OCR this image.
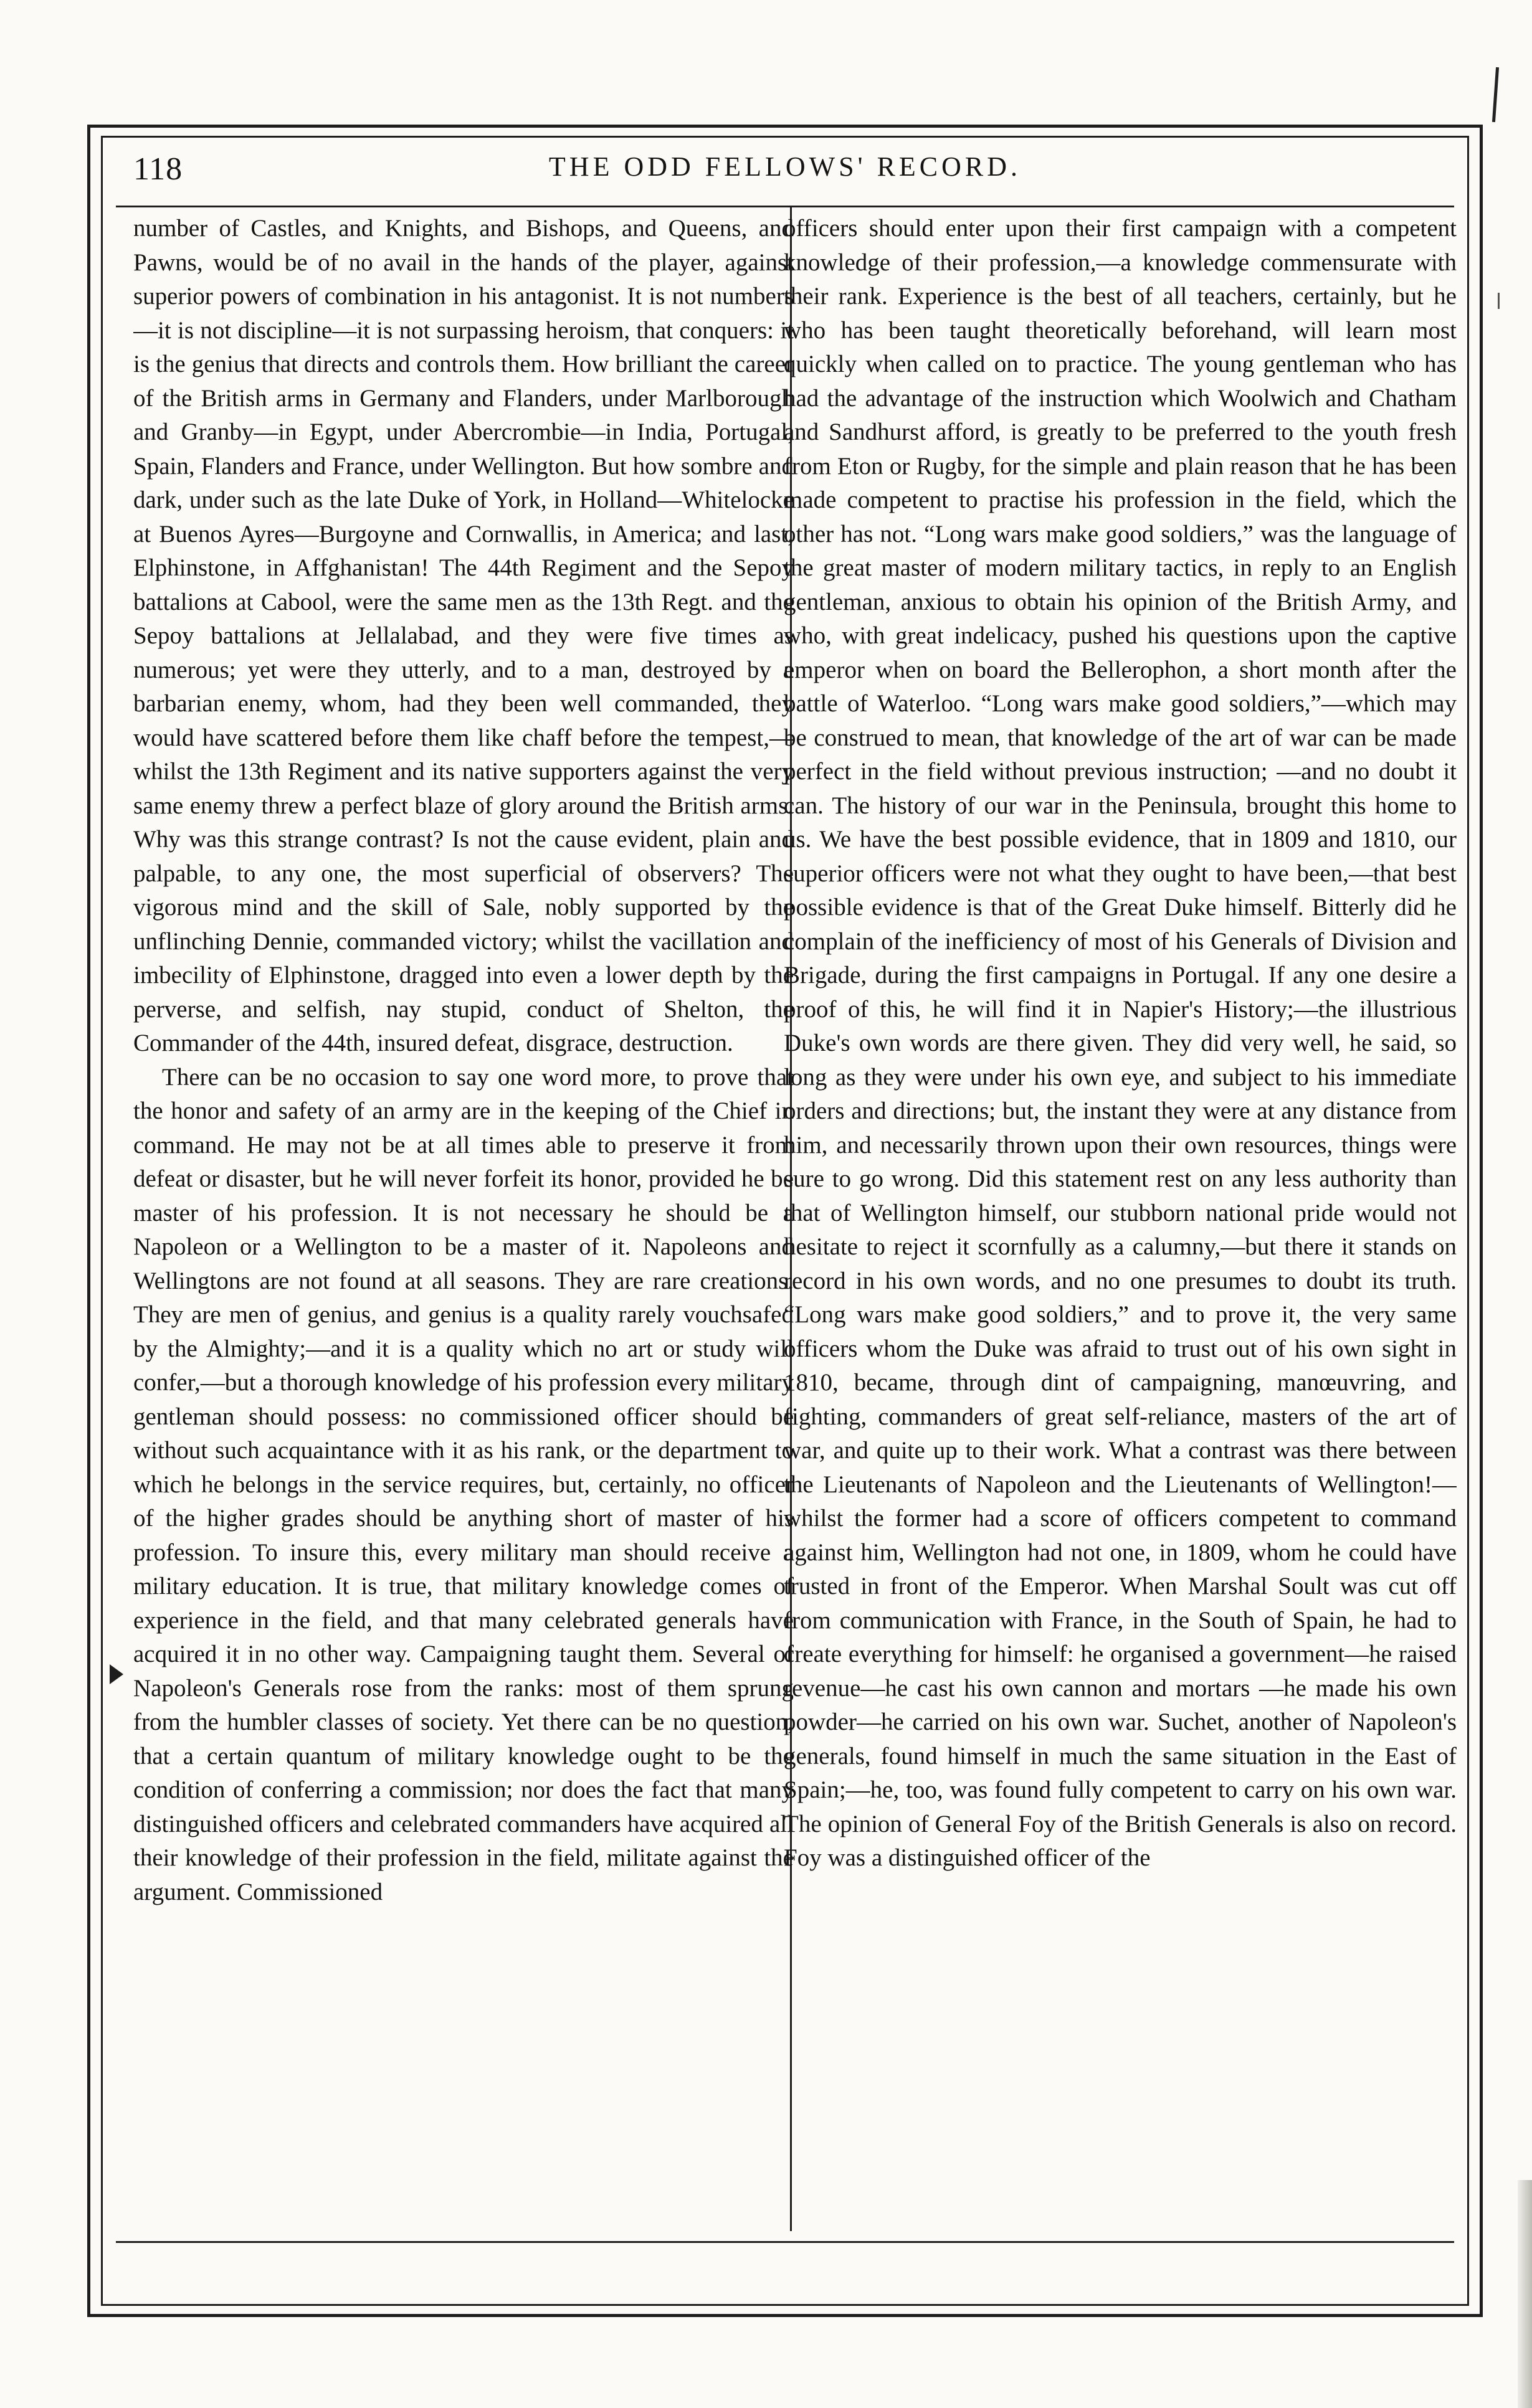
118	THE ODD FELLOWS' RECORD.

number of Castles, and Knights, and Bishops, and Queens, and Pawns, would be of no avail in the hands of the player, against superior powers of combination in his antagonist. It is not numbers—it is not discipline—it is not surpassing heroism, that conquers: it is the genius that directs and controls them. How brilliant the career of the British arms in Germany and Flanders, under Marlborough and Granby—in Egypt, under Abercrombie—in India, Portugal, Spain, Flanders and France, under Wellington. But how sombre and dark, under such as the late Duke of York, in Holland—Whitelocke at Buenos Ayres—Burgoyne and Cornwallis, in America; and last, Elphinstone, in Affghanistan! The 44th Regiment and the Sepoy battalions at Cabool, were the same men as the 13th Regt. and the Sepoy battalions at Jellalabad, and they were five times as numerous; yet were they utterly, and to a man, destroyed by a barbarian enemy, whom, had they been well commanded, they would have scattered before them like chaff before the tempest,—whilst the 13th Regiment and its native supporters against the very same enemy threw a perfect blaze of glory around the British arms. Why was this strange contrast? Is not the cause evident, plain and palpable, to any one, the most superficial of observers? The vigorous mind and the skill of Sale, nobly supported by the unflinching Dennie, commanded victory; whilst the vacillation and imbecility of Elphinstone, dragged into even a lower depth by the perverse, and selfish, nay stupid, conduct of Shelton, the Commander of the 44th, insured defeat, disgrace, destruction.

There can be no occasion to say one word more, to prove that the honor and safety of an army are in the keeping of the Chief in command. He may not be at all times able to preserve it from defeat or disaster, but he will never forfeit its honor, provided he be master of his profession. It is not necessary he should be a Napoleon or a Wellington to be a master of it. Napoleons and Wellingtons are not found at all seasons. They are rare creations. They are men of genius, and genius is a quality rarely vouchsafed by the Almighty;—and it is a quality which no art or study will confer,—but a thorough knowledge of his profession every military gentleman should possess: no commissioned officer should be without such acquaintance with it as his rank, or the department to which he belongs in the service requires, but, certainly, no officer of the higher grades should be anything short of master of his profession. To insure this, every military man should receive a military education. It is true, that military knowledge comes of experience in the field, and that many celebrated generals have acquired it in no other way. Campaigning taught them. Several of Napoleon's Generals rose from the ranks: most of them sprung from the humbler classes of society. Yet there can be no question, that a certain quantum of military knowledge ought to be the condition of conferring a commission; nor does the fact that many distinguished officers and celebrated commanders have acquired all their knowledge of their profession in the field, militate against the argument. Commissioned

officers should enter upon their first campaign with a competent knowledge of their profession,—a knowledge commensurate with their rank. Experience is the best of all teachers, certainly, but he who has been taught theoretically beforehand, will learn most quickly when called on to practice. The young gentleman who has had the advantage of the instruction which Woolwich and Chatham and Sandhurst afford, is greatly to be preferred to the youth fresh from Eton or Rugby, for the simple and plain reason that he has been made competent to practise his profession in the field, which the other has not. “Long wars make good soldiers,” was the language of the great master of modern military tactics, in reply to an English gentleman, anxious to obtain his opinion of the British Army, and who, with great indelicacy, pushed his questions upon the captive emperor when on board the Bellerophon, a short month after the battle of Waterloo. “Long wars make good soldiers,”—which may be construed to mean, that knowledge of the art of war can be made perfect in the field without previous instruction; —and no doubt it can. The history of our war in the Peninsula, brought this home to us. We have the best possible evidence, that in 1809 and 1810, our superior officers were not what they ought to have been,—that best possible evidence is that of the Great Duke himself. Bitterly did he complain of the inefficiency of most of his Generals of Division and Brigade, during the first campaigns in Portugal. If any one desire a proof of this, he will find it in Napier's History;—the illustrious Duke's own words are there given. They did very well, he said, so long as they were under his own eye, and subject to his immediate orders and directions; but, the instant they were at any distance from him, and necessarily thrown upon their own resources, things were sure to go wrong. Did this statement rest on any less authority than that of Wellington himself, our stubborn national pride would not hesitate to reject it scornfully as a calumny,—but there it stands on record in his own words, and no one presumes to doubt its truth. “Long wars make good soldiers,” and to prove it, the very same officers whom the Duke was afraid to trust out of his own sight in 1810, became, through dint of campaigning, manœuvring, and fighting, commanders of great self-reliance, masters of the art of war, and quite up to their work. What a contrast was there between the Lieutenants of Napoleon and the Lieutenants of Wellington!—whilst the former had a score of officers competent to command against him, Wellington had not one, in 1809, whom he could have trusted in front of the Emperor. When Marshal Soult was cut off from communication with France, in the South of Spain, he had to create everything for himself: he organised a government—he raised revenue—he cast his own cannon and mortars —he made his own powder—he carried on his own war. Suchet, another of Napoleon's generals, found himself in much the same situation in the East of Spain;—he, too, was found fully competent to carry on his own war. The opinion of General Foy of the British Generals is also on record. Foy was a distinguished officer of the
